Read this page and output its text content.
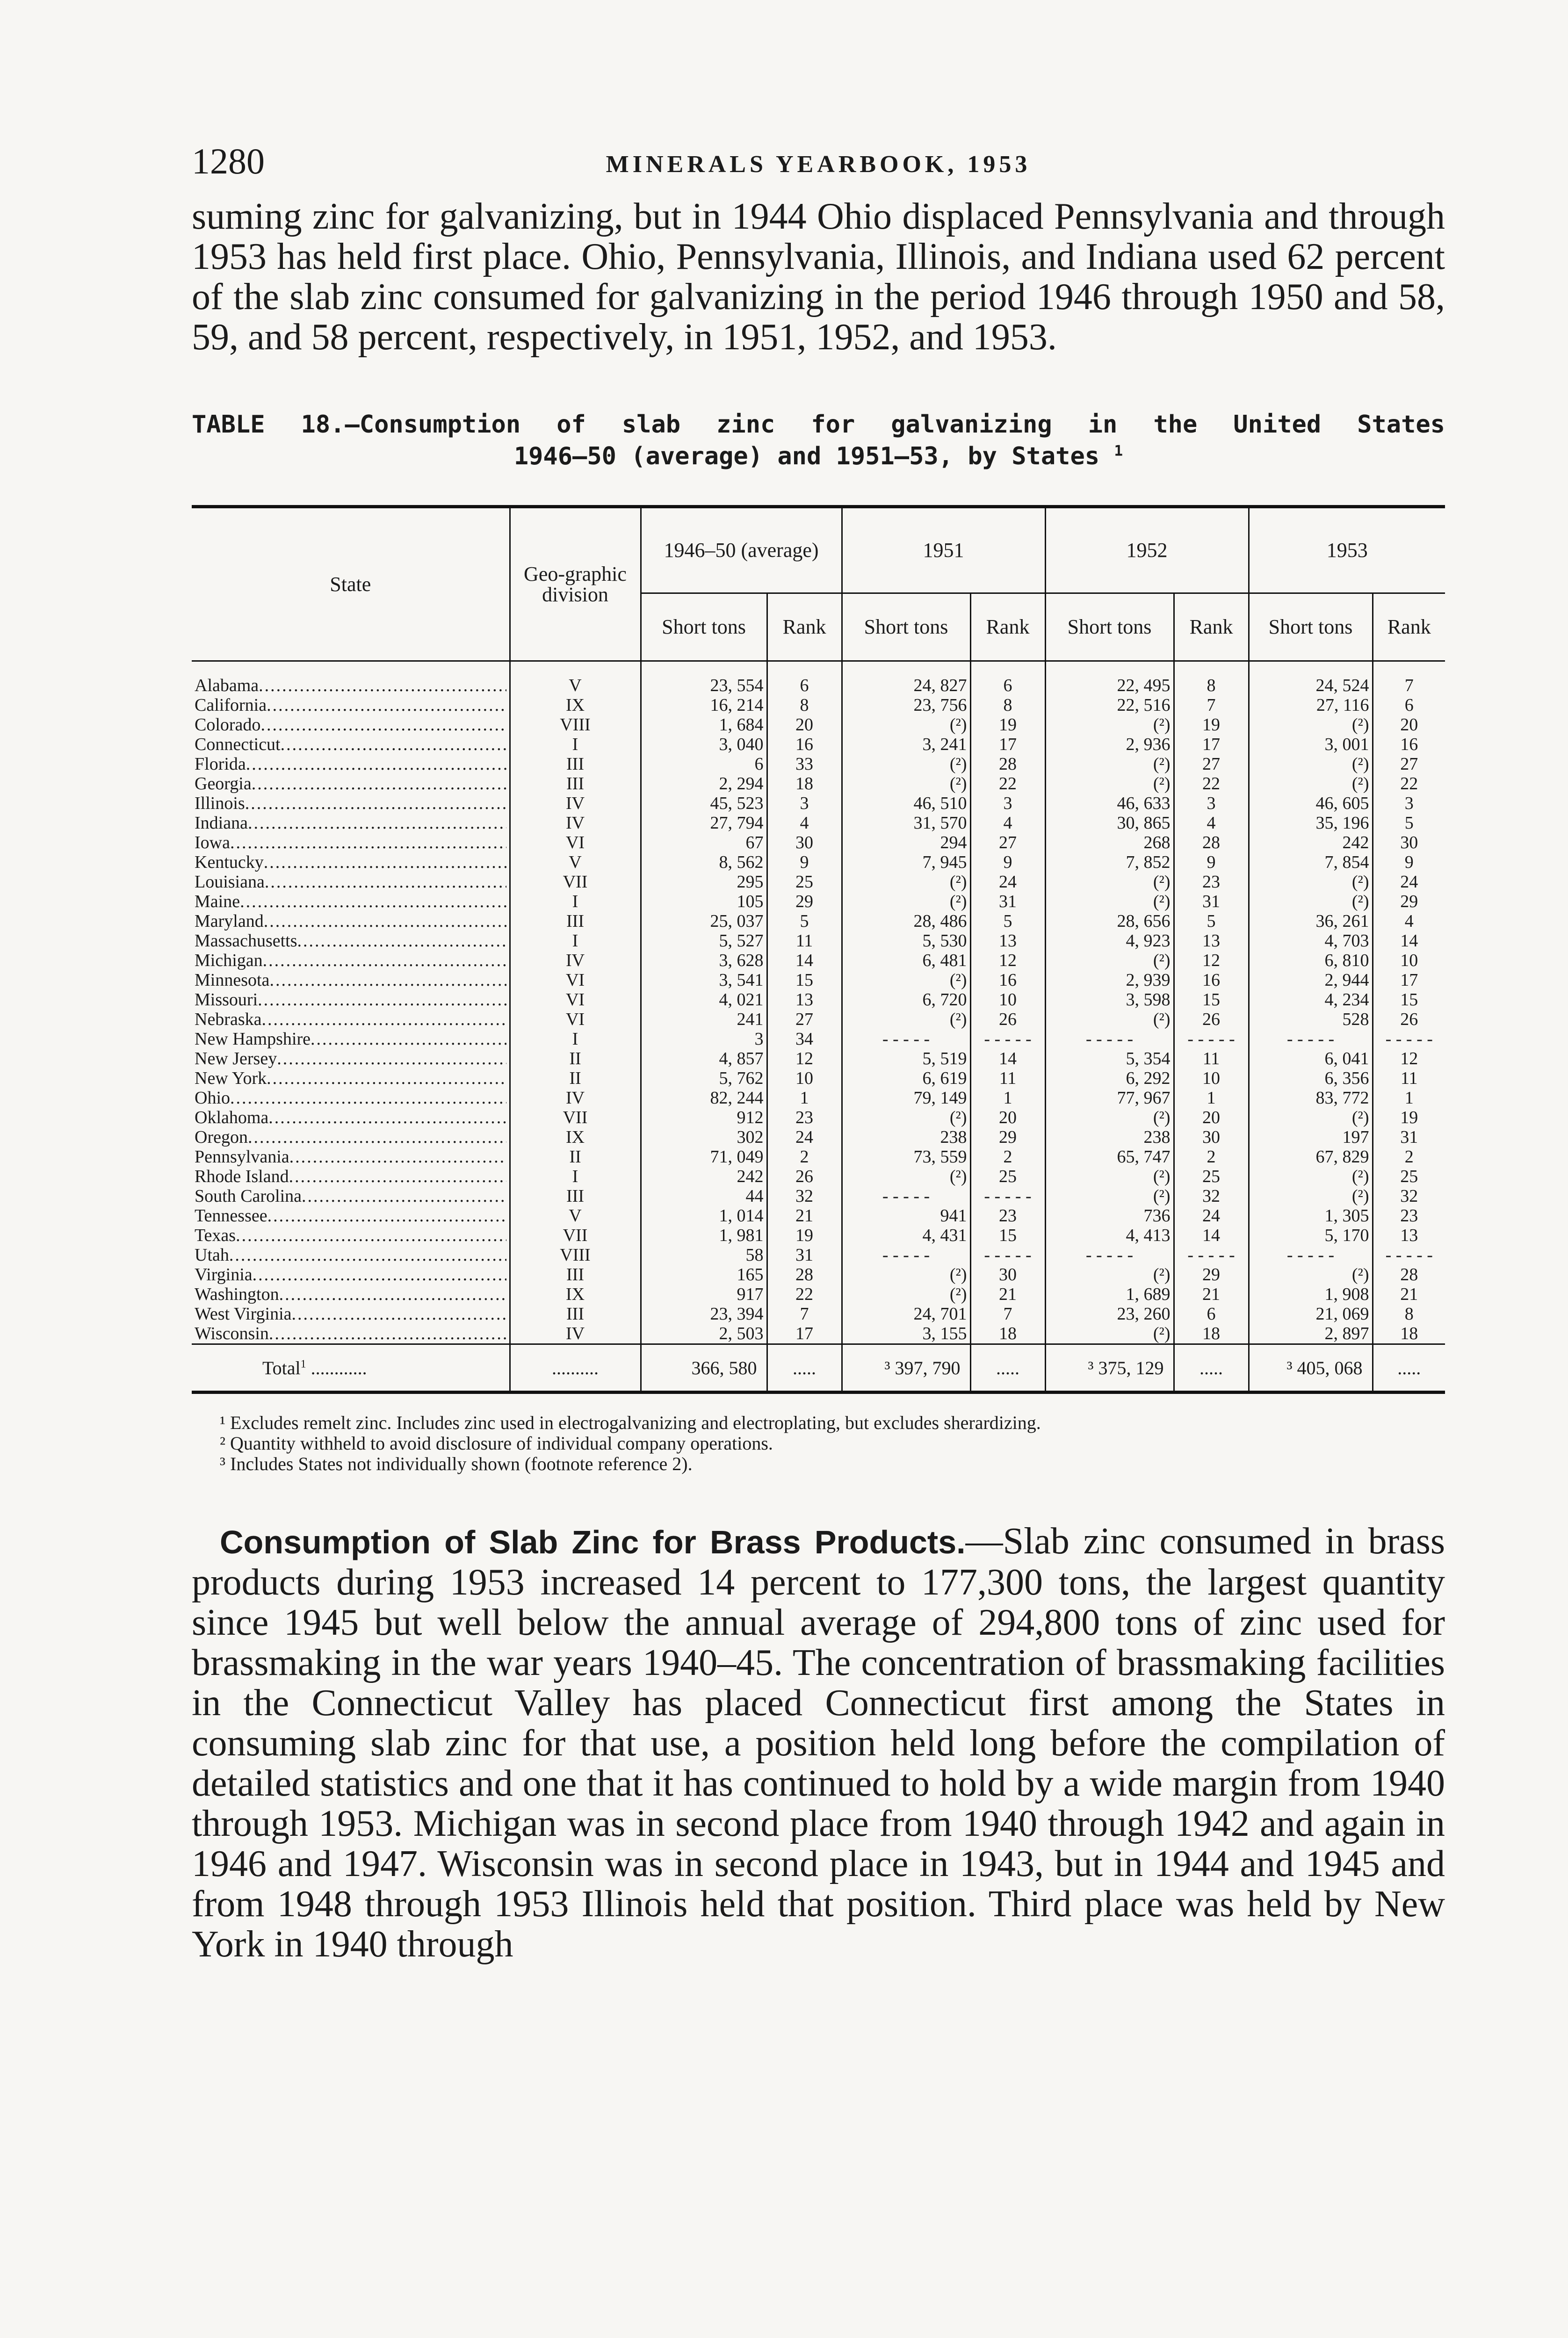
1280	MINERALS YEARBOOK, 1953

suming zinc for galvanizing, but in 1944 Ohio displaced Pennsylvania and through 1953 has held first place. Ohio, Pennsylvania, Illinois, and Indiana used 62 percent of the slab zinc consumed for galvanizing in the period 1946 through 1950 and 58, 59, and 58 percent, respectively, in 1951, 1952, and 1953.

TABLE 18.—Consumption of slab zinc for galvanizing in the United States
1946–50 (average) and 1951–53, by States $^1$
State	Geo-graphic division	1946–50 (average)		1951		1952		1953	
		Short tons	Rank	Short tons	Rank	Short tons	Rank	Short tons	Rank

Alabama .....	V	23, 554	6	24, 827	6	22, 495	8	24, 524	7

California .....	IX	16, 214	8	23, 756	8	22, 516	7	27, 116	6

Colorado .....	VIII	1, 684	20	(²)	19	(²)	19	(²)	20

Connecticut .....	I	3, 040	16	3, 241	17	2, 936	17	3, 001	16

Florida .....	III	6	33	(²)	28	(²)	27	(²)	27

Georgia .....	III	2, 294	18	(²)	22	(²)	22	(²)	22

Illinois .....	IV	45, 523	3	46, 510	3	46, 633	3	46, 605	3

Indiana .....	IV	27, 794	4	31, 570	4	30, 865	4	35, 196	5

Iowa .....	VI	67	30	294	27	268	28	242	30

Kentucky .....	V	8, 562	9	7, 945	9	7, 852	9	7, 854	9

Louisiana .....	VII	295	25	(²)	24	(²)	23	(²)	24

Maine .....	I	105	29	(²)	31	(²)	31	(²)	29

Maryland .....	III	25, 037	5	28, 486	5	28, 656	5	36, 261	4

Massachusetts .....	I	5, 527	11	5, 530	13	4, 923	13	4, 703	14

Michigan .....	IV	3, 628	14	6, 481	12	(²)	12	6, 810	10

Minnesota .....	VI	3, 541	15	(²)	16	2, 939	16	2, 944	17

Missouri .....	VI	4, 021	13	6, 720	10	3, 598	15	4, 234	15

Nebraska .....	VI	241	27	(²)	26	(²)	26	528	26

New Hampshire .....	I	3	34	- - - - -	- - - - -	- - - - -	- - - - -	- - - - -	- - - - -

New Jersey .....	II	4, 857	12	5, 519	14	5, 354	11	6, 041	12

New York .....	II	5, 762	10	6, 619	11	6, 292	10	6, 356	11

Ohio .....	IV	82, 244	1	79, 149	1	77, 967	1	83, 772	1

Oklahoma .....	VII	912	23	(²)	20	(²)	20	(²)	19

Oregon .....	IX	302	24	238	29	238	30	197	31

Pennsylvania .....	II	71, 049	2	73, 559	2	65, 747	2	67, 829	2

Rhode Island .....	I	242	26	(²)	25	(²)	25	(²)	25

South Carolina .....	III	44	32	- - - - -	- - - - -	(²)	32	(²)	32

Tennessee .....	V	1, 014	21	941	23	736	24	1, 305	23

Texas .....	VII	1, 981	19	4, 431	15	4, 413	14	5, 170	13

Utah .....	VIII	58	31	- - - - -	- - - - -	- - - - -	- - - - -	- - - - -	- - - - -

Virginia .....	III	165	28	(²)	30	(²)	29	(²)	28

Washington .....	IX	917	22	(²)	21	1, 689	21	1, 908	21

West Virginia .....	III	23, 394	7	24, 701	7	23, 260	6	21, 069	8

Wisconsin .....	IV	2, 503	17	3, 155	18	(²)	18	2, 897	18
Total$^1$ ............	..........	366, 580	.....	³ 397, 790	.....	³ 375, 129	.....	³ 405, 068	.....

¹ Excludes remelt zinc. Includes zinc used in electrogalvanizing and electroplating, but excludes sherardizing.

² Quantity withheld to avoid disclosure of individual company operations.

³ Includes States not individually shown (footnote reference 2).

Consumption of Slab Zinc for Brass Products.—Slab zinc consumed in brass products during 1953 increased 14 percent to 177,300 tons, the largest quantity since 1945 but well below the annual average of 294,800 tons of zinc used for brassmaking in the war years 1940–45. The concentration of brassmaking facilities in the Connecticut Valley has placed Connecticut first among the States in consuming slab zinc for that use, a position held long before the compilation of detailed statistics and one that it has continued to hold by a wide margin from 1940 through 1953. Michigan was in second place from 1940 through 1942 and again in 1946 and 1947. Wisconsin was in second place in 1943, but in 1944 and 1945 and from 1948 through 1953 Illinois held that position. Third place was held by New York in 1940 through
